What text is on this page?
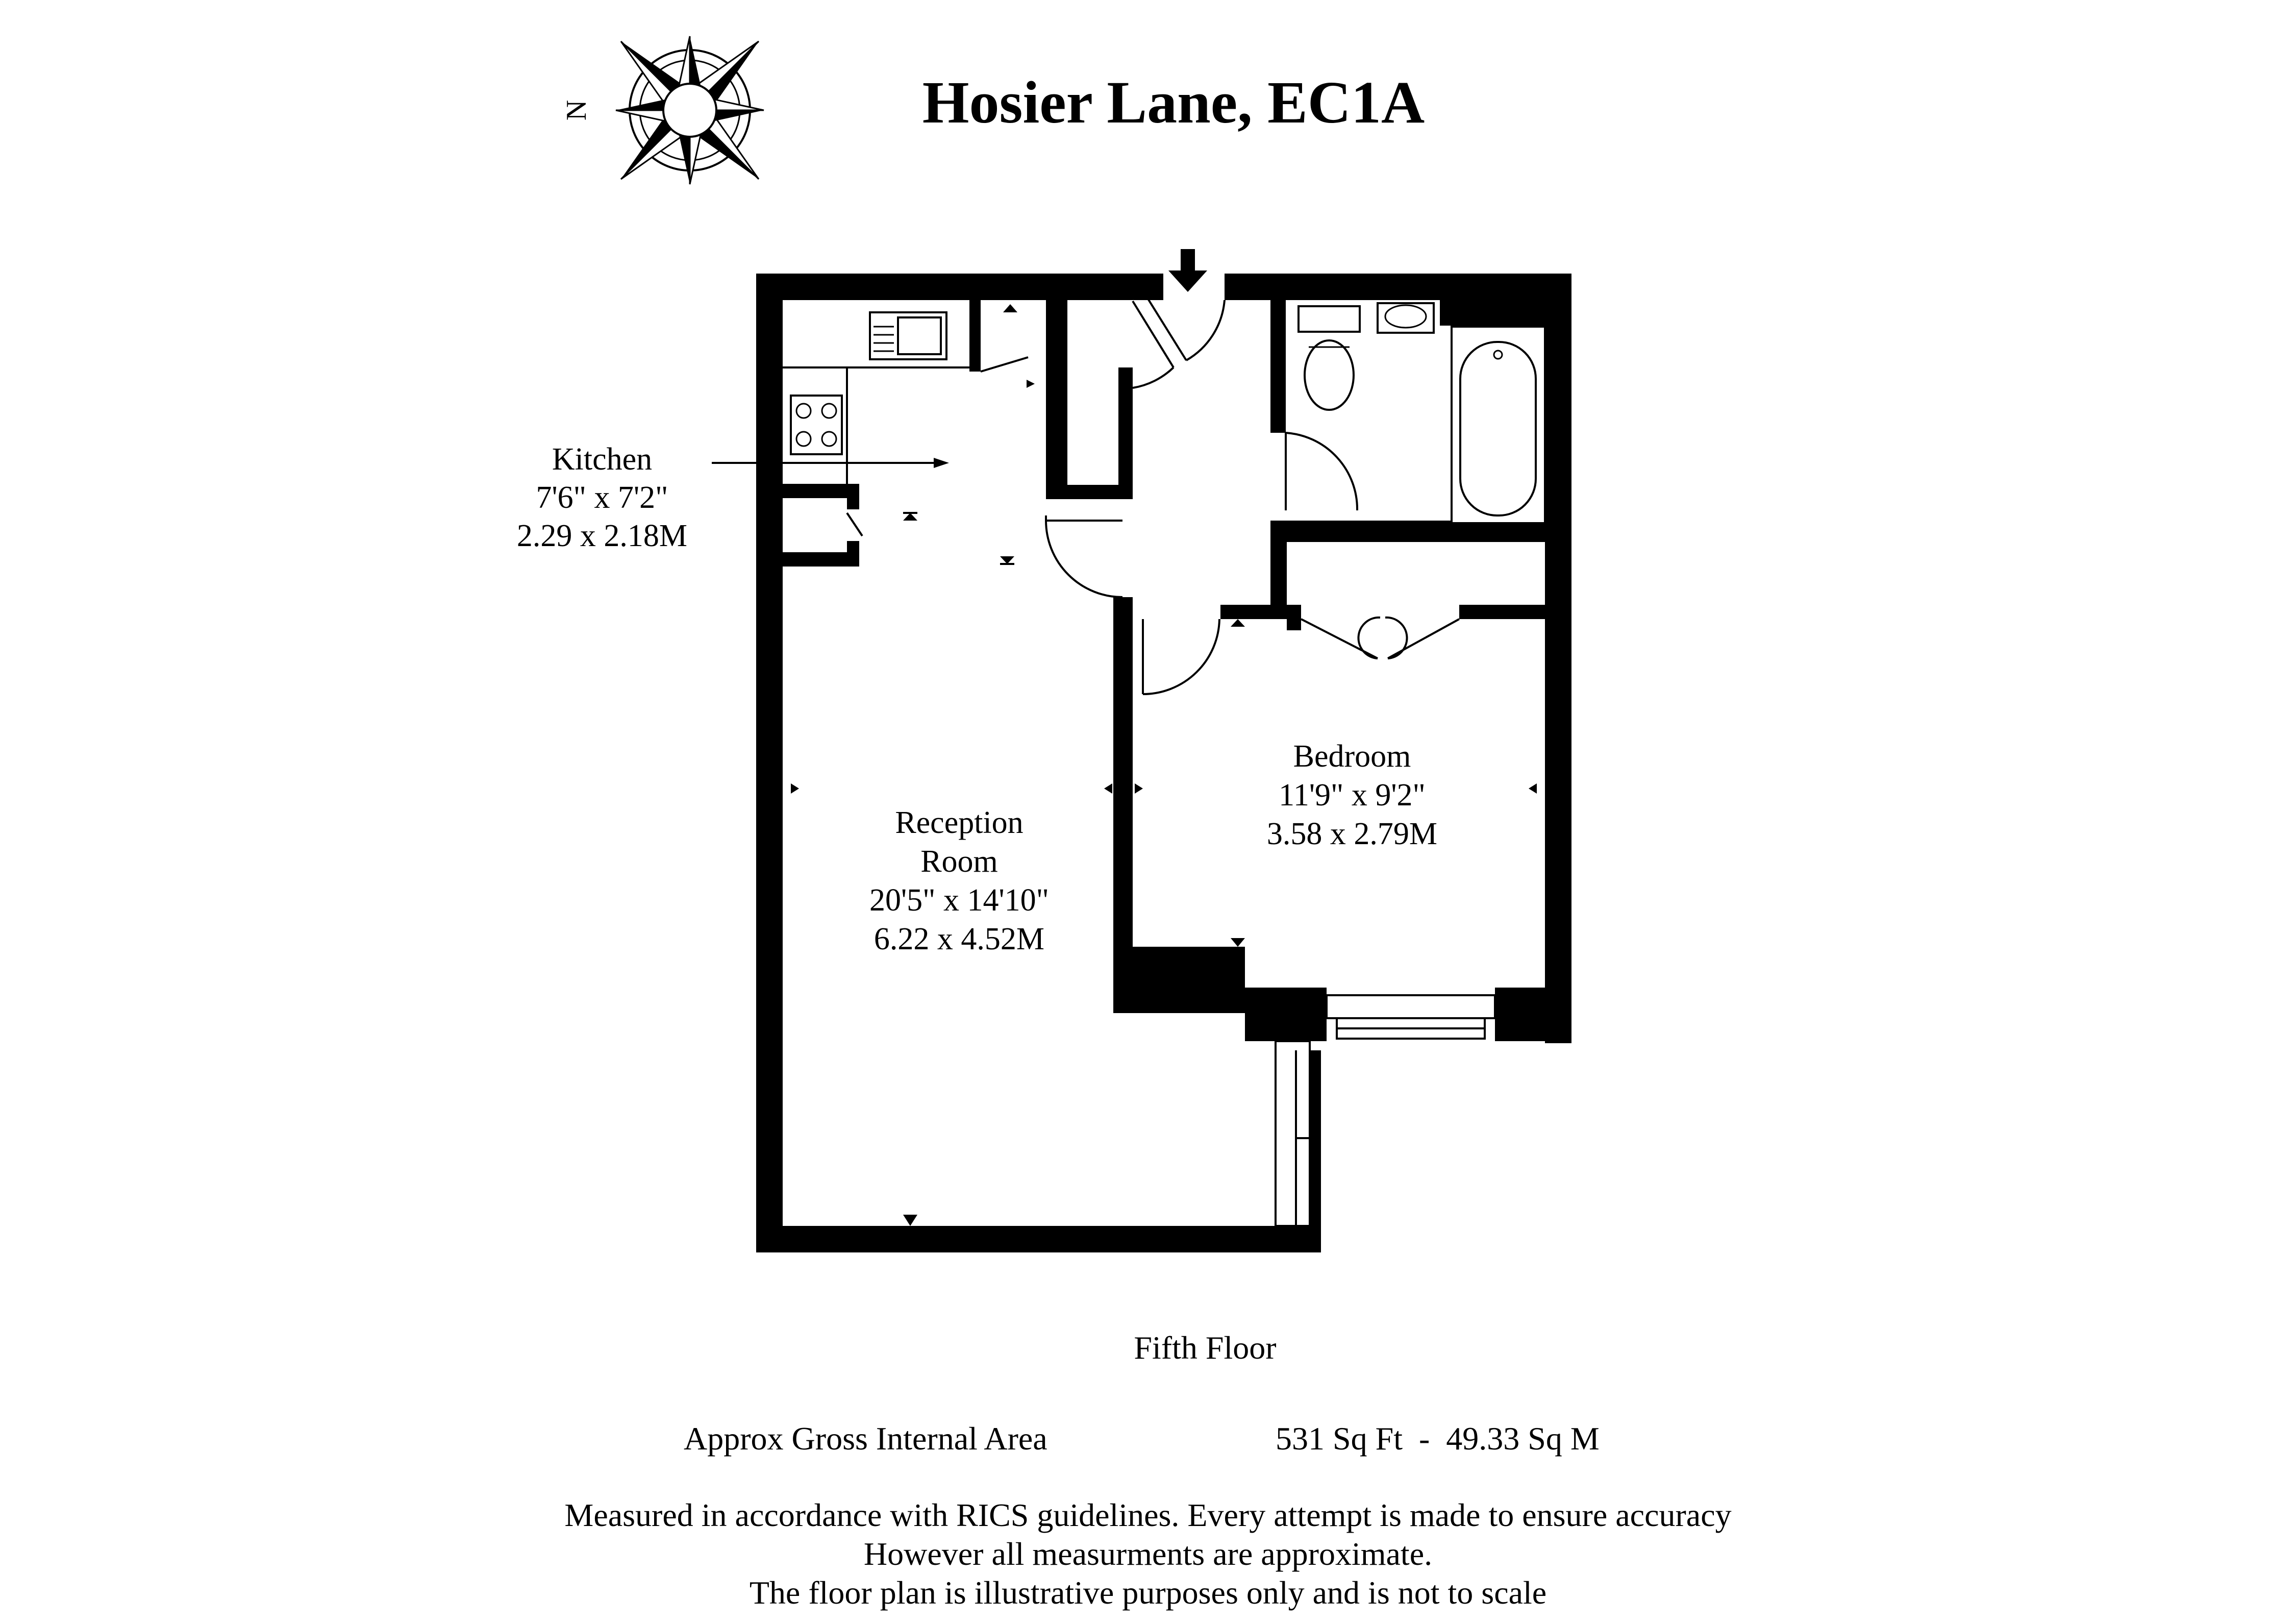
N	Hosier Lane, EC1A
Kitchen
7'6" x 7'2"
2.29 x 2.18M
Reception
Room
20'5" x 14'10"
6.22 x 4.52M
Bedroom
11'9" x 9'2"
3.58 x 2.79M
Fifth Floor
Approx Gross Internal Area	531 Sq Ft  -  49.33 Sq M
Measured in accordance with RICS guidelines. Every attempt is made to ensure accuracy
However all measurments are approximate.
The floor plan is illustrative purposes only and is not to scale
